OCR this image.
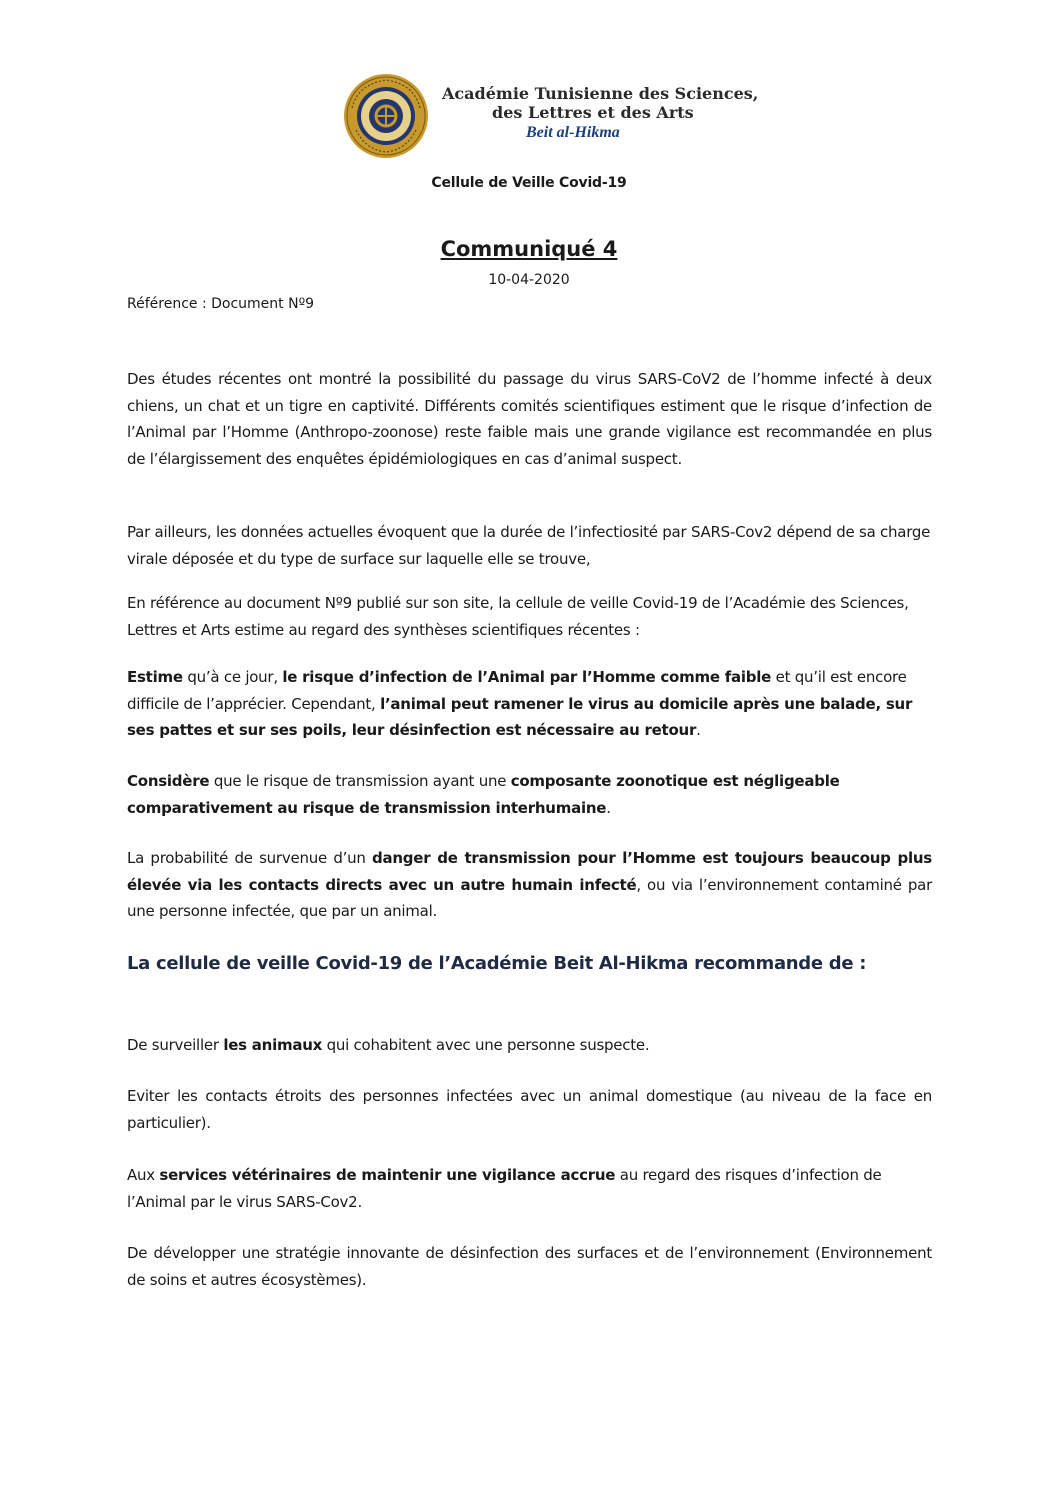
Académie Tunisienne des Sciences,
des Lettres et des Arts
Beit al-Hikma
Cellule de Veille Covid-19
Communiqué 4
10-04-2020
Référence : Document Nº9

Des études récentes ont montré la possibilité du passage du virus SARS-CoV2 de l’homme infecté à deux chiens, un chat et un tigre en captivité. Différents comités scientifiques estiment que le risque d’infection de l’Animal par l’Homme (Anthropo-zoonose) reste faible mais une grande vigilance est recommandée en plus de l’élargissement des enquêtes épidémiologiques en cas d’animal suspect.

Par ailleurs, les données actuelles évoquent que la durée de l’infectiosité par SARS-Cov2 dépend de sa charge virale déposée et du type de surface sur laquelle elle se trouve,

En référence au document Nº9 publié sur son site, la cellule de veille Covid-19 de l’Académie des Sciences, Lettres et Arts estime au regard des synthèses scientifiques récentes :

Estime qu’à ce jour, le risque d’infection de l’Animal par l’Homme comme faible et qu’il est encore difficile de l’apprécier. Cependant, l’animal peut ramener le virus au domicile après une balade, sur ses pattes et sur ses poils, leur désinfection est nécessaire au retour.

Considère que le risque de transmission ayant une composante zoonotique est négligeable comparativement au risque de transmission interhumaine.

La probabilité de survenue d’un danger de transmission pour l’Homme est toujours beaucoup plus élevée via les contacts directs avec un autre humain infecté, ou via l’environnement contaminé par une personne infectée, que par un animal.

La cellule de veille Covid-19 de l’Académie Beit Al-Hikma recommande de :

De surveiller les animaux qui cohabitent avec une personne suspecte.

Eviter les contacts étroits des personnes infectées avec un animal domestique (au niveau de la face en particulier).

Aux services vétérinaires de maintenir une vigilance accrue au regard des risques d’infection de l’Animal par le virus SARS-Cov2.

De développer une stratégie innovante de désinfection des surfaces et de l’environnement (Environnement de soins et autres écosystèmes).
